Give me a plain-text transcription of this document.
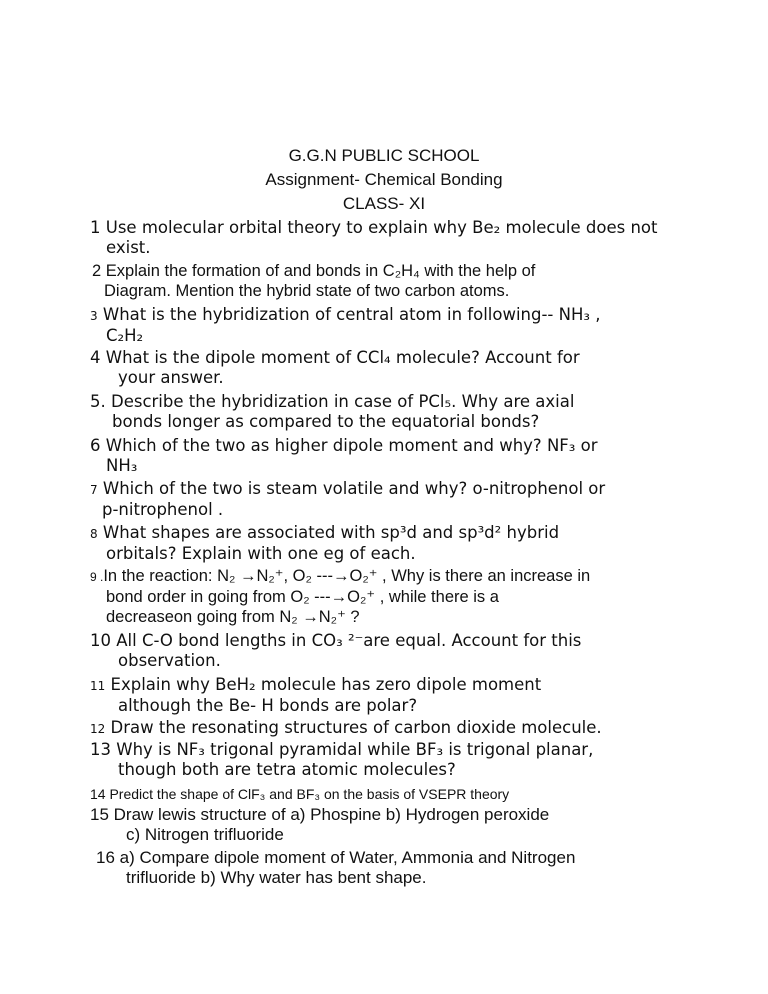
G.G.N PUBLIC SCHOOL
Assignment- Chemical Bonding
CLASS- XI
1 Use molecular orbital theory to explain why Be₂ molecule does not
exist.
2 Explain the formation of and bonds in C₂H₄ with the help of
Diagram. Mention the hybrid state of two carbon atoms.
3 What is the hybridization of central atom in following-- NH₃ ,
C₂H₂
4 What is the dipole moment of CCl₄ molecule? Account for
your answer.
5. Describe the hybridization in case of PCl₅. Why are axial
bonds longer as compared to the equatorial bonds?
6 Which of the two as higher dipole moment and why? NF₃ or
NH₃
7 Which of the two is steam volatile and why? o-nitrophenol or
p-nitrophenol .
8 What shapes are associated with sp³d and sp³d² hybrid
orbitals? Explain with one eg of each.
9 .In the reaction: N₂ →N₂⁺, O₂ ---→O₂⁺ , Why is there an increase in
bond order in going from O₂ ---→O₂⁺ , while there is a
decreaseon going from N₂ →N₂⁺ ?
10 All C-O bond lengths in CO₃ ²⁻are equal. Account for this
observation.
11 Explain why BeH₂ molecule has zero dipole moment
although the Be- H bonds are polar?
12 Draw the resonating structures of carbon dioxide molecule.
13 Why is NF₃ trigonal pyramidal while BF₃ is trigonal planar,
though both are tetra atomic molecules?
14 Predict the shape of ClF₃ and BF₃ on the basis of VSEPR theory
15 Draw lewis structure of a) Phospine b) Hydrogen peroxide
c) Nitrogen trifluoride
16 a) Compare dipole moment of Water, Ammonia and Nitrogen
trifluoride b) Why water has bent shape.
